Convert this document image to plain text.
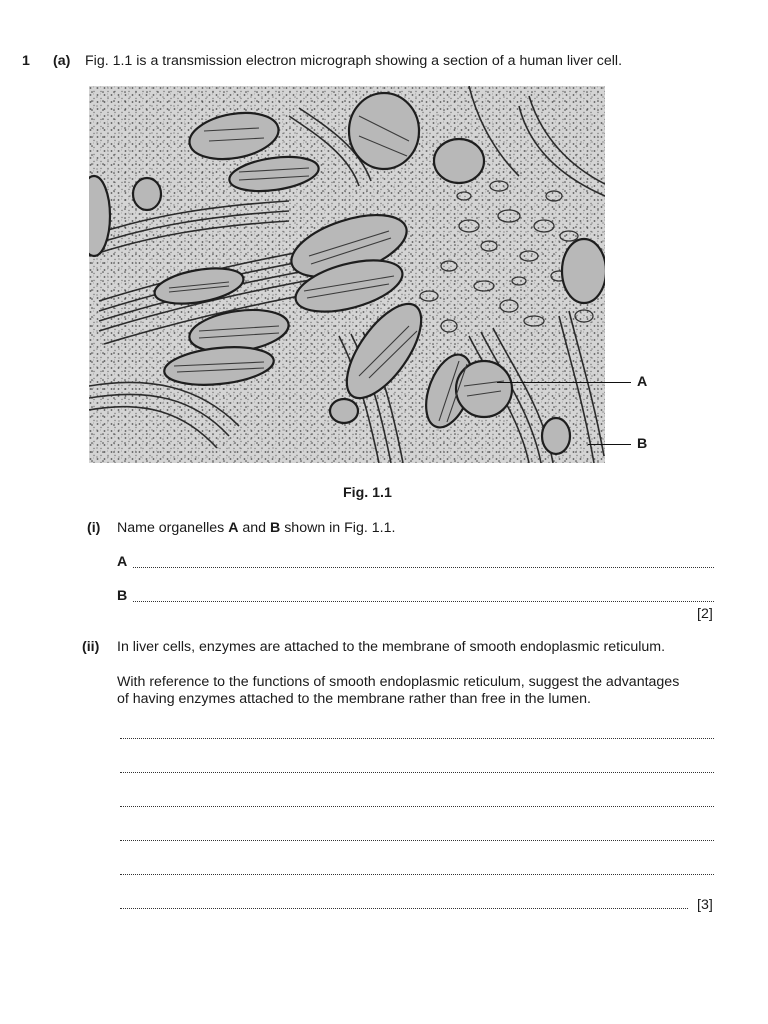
1 (a) Fig. 1.1 is a transmission electron micrograph showing a section of a human liver cell.
A
B
Fig. 1.1
(i) Name organelles A and B shown in Fig. 1.1.
A
B
[2]
(ii) In liver cells, enzymes are attached to the membrane of smooth endoplasmic reticulum.
With reference to the functions of smooth endoplasmic reticulum, suggest the advantages
of having enzymes attached to the membrane rather than free in the lumen.
[3]
